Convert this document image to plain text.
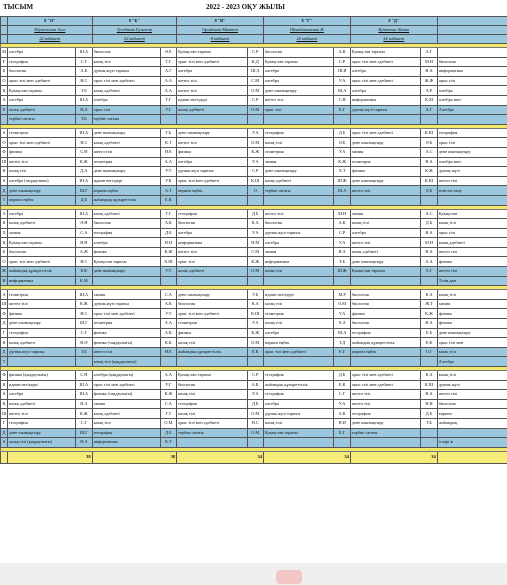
ТЫСЫМ	2022 - 2023 ОҚУ ЖЫЛЫ
	8 "Ә"		8 "Б"		8 "В"		8 "Г"		8 "Д"		
	Шукеилгова Асел		Тулебаева Гульжан		Оразбаева Мактем		Шынбатхаевна Ж		Кутпаева Айман		
	22 кабинет		22 кабинет		8 кабинет		24 кабинет		44 кабинет		

М	алгебра	Ш.А	биология	Ә.Е	Қазақстан тарихы	С.Р	биология	А.К	Қазақстан тарихы	А.Г	
Ғ	география	С.Г	казақ тілі	Т.Г	орыс тілі мен әдебиеті	К.Д	Қазақстан тарихы	С.Р	орыс тілі мен әдебиеті	М.Н	биология
Б	биология	А.К	дүниж.жүзі тарихы	А.Г	алгебра	Ш.А	алгебра	Ш.Я	алгебра	Н.А	информатика
О	орыс тілі мен әдебиеті	Н.С	орыс тілі мен әдебиеті	А.А	шетел тілі	С.М	алгебра	У.А	орыс тілі мен әдебиеті	Ж.Ф	орыс тілі
Қ	Қазақстан тарихы	Т.Б	казақ әдебиеті	А.А	шетел тілі	О.М	дене шынықтыру	Ш.А	алгебра	А.Р	алгебра
А	алгебра	Ш.А	алгебра	Т.Г	идамн негіздері	С.Р	шетел тілі	С.Н	информатика	К.М	алгебра мен
Е	казақ әдебиеті	Н.А	орыс тілі	У.Г	казақ әдебиеті	О.М	орыс тілі	Е.Г	дүниж.жүзі тарихы	А.Г	Алгебра
	тербие сағаты	Т.Б	тербие сағаты								

А	геометрия	Ш.А	дене шынықтыру	Т.Б	дене шынықтыру	У.А	география	Д.Б	орыс тілі мен әдебиеті	К.Ш	география
О	орыс тілі мен әдебиеті	Н.С	казақ әдебиеті	К.Т	шетел тілі	О.М	казақ тілі	Ә.Б	дене шынықтыру	Ә.Б	орыс тілі
Ф	физика	С.Н	шетел тілі	Н.Е	физика	К.Ж	геометрия	У.А	химия	А.С	дене шынықтыру
Ш	шетел тілі	К.Ж	геометрия	А.А	алгебра	У.А	химия	К.Ж	геометрия	Н.А	алгебра мен
К	казақ тілі	Д.А	дене шынықтыру	У.Т	дүниж.жүзі тарихы	С.Р	дене шынықтыру	Х.Т	физика	К.Ж	дүниж.жүзі
А	алгебра (таңдаулығы)	Ш.А	идамн негіздері	У.К	орыс тілі мен әдебиеті	К.Ш	казақ әдебиеті	Ш.Ж	дене шынықтыру	К.Ш	шетел тілі
Д	дене шынықтыру	Ш.Г	көркем еңбек	А.Т	көркем еңбек	О	тербие сағаты	Ш.А	шетел тілі	Д.Б	өзін-өзі тану
Т	көркем еңбек	Д.Б	жаһандық құзыреттілік	Е.К							

А	алгебра	Ш.А	казақ әдебиеті	Т.Г	география	Д.Б	шетел тілі	М.Н	химия	А.С	Қазақстан
К	казақ әдебиеті	Ә.Н	биология	А.К	биология	К.А	биология	А.К	казақ тілі	Д.Б	казақ тілі
Х	химия	С.А	география	Д.Б	алгебра	У.А	дүниж.жүзі тарихы	С.Р	алгебра	Н.А	орыс тілі
Қ	Қазақстан тарихы	Н.Н	алгебра	Н.Н	информатика	Н.М	алгебра	У.А	шетел тілі	М.Н	казақ әдебиеті
Б	биология	А.Ж	физика	К.Ж	шетел тілі	С.М	химия	Я.А	казақ әдебиеті	Н.А	шетел тілі
О	орыс тілі мен әдебиеті	Н.С	Қазақстан тарихы	Х.Ш	орыс тілі	К.Ж	информатика	Т.Б	дене шынықтыру	А.А	физика
Ж	жаһандық құзыреттілік	Е.К	дене шынықтыру	У.Т	казақ әдебиеті	О.М	казақ тілі	Ш.Ж	Қазақстан тарихы	А.Г	шетел тілі
И	информатика	К.М									Тілін дам

А	геометрия	Ш.А	химия	С.А	дене шынықтыру	У.Б	идамн негіздері	М.Р	биология	К.А	казақ тілі
Ш	шетел тілі	К.Ж	дүниж.жүзі тарихы	А.К	биология	К.А	казақ тілі	О.М	биология	Ж.Т	химия
Ф	физика	Н.С	орыс тілі мен әдебиеті	У.Т	орыс тілі мен әдебиеті	К.Ш	геометрия	У.А	физика	К.Ж	физика
Д	дене шынықтыру	Ш.Г	геометрия	А.А	геометрия	У.А	казақ тілі	Х.А	биология	Н.А	физика
Г	география	С.Г	физика	А.К	физика	К.Ж	алгебра	Ш.А	география	Б.Б	дене шынықтыру
К	казақ әдебиеті	Н.Ә	физика (таңдаулығы)	К.К	казақ тілі	О.М	көркем еңбек	Т.Д	жаһандық құзыреттілік	Е.К	орыс тілі мен
Д	дүниж.жүзі тарихы	Т.Б	шетел тілі	Н.Е	жаһандық құзыреттілік	Е.К	орыс тілі мен әдебиеті	Е.Г	көркем еңбек	О.Г	казақ тілі
Т			казақ тілі (қаңдаулығы)								Алгебра

Ф	физика (қаңдаулығы)	С.Н	алгебра (қаңдаулығы)	А.А	Қазақстан тарихы	С.Р	география	Д.Б	орыс тілі мен әдебиеті	К.А	казақ тілі
К	идамн негіздері	Ш.А	орыс тілі мен әдебиеті	У.Г	биология	А.К	жаһандық құзыреттілік	Е.К	орыс тілі мен әдебиеті	К.Ш	дүниж.жүзі
А	алгебра	Ш.А	физика (таңдаулығы)	К.Ж	казақ тілі	У.А	география	С.Г	шетел тілі	Н.А	шетел тілі
Қ	казақ әдебиеті	Н.А	химия	С.А	география	Д.Б	алгебра	У.А	шетел тілі	Н.Н	биология
Ш	шетел тілі	К.Ж	казақ әдебиеті	Г.Т	казақ тілі	О.М	дүниж.жүзі тарихы	А.К	география	Д.Б	көркем
Г	география	С.Г	казақ тілі	О.М	орыс тілі мен әдебиеті	Н.С	казақ тілі	Н.Н	дене шынықтыру	Т.Б	жаһандық
Д	дене шынықтыру	Ш.Г	география	Д.Б	тербие сағаты	О.М	Қазақстан тарихы	Е.Г	тербие сағаты		
А	казақ тілі (қаңдаулығы)	Н.А	информатика	К.Т							ісларі ж

	38		38		34		34		34		
